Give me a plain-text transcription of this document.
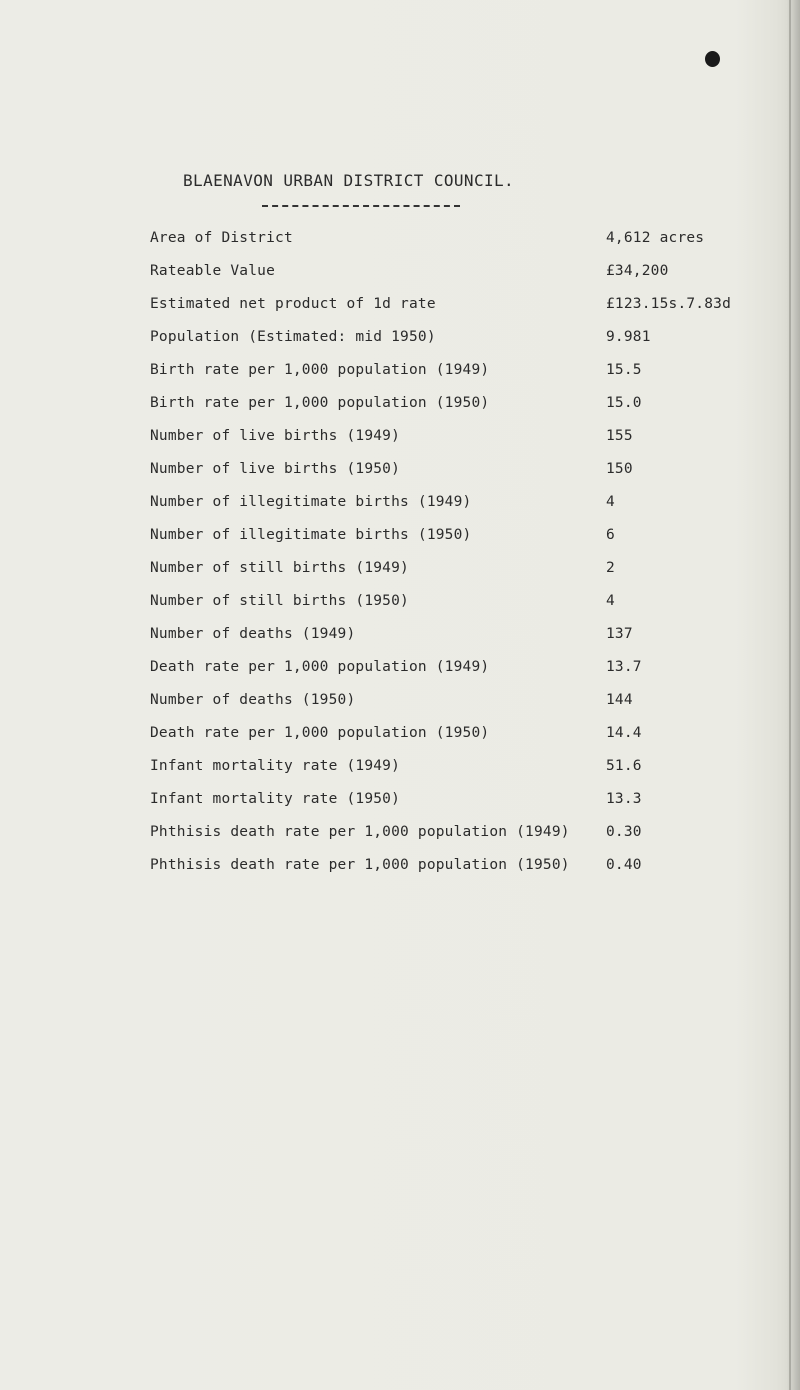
BLAENAVON URBAN DISTRICT COUNCIL.
Area of District	4,612 acres
Rateable Value	£34,200
Estimated net product of 1d rate	£123.15s.7.83d
Population (Estimated: mid 1950)	9.981
Birth rate per 1,000 population (1949)	15.5
Birth rate per 1,000 population (1950)	15.0
Number of live births (1949)	155
Number of live births (1950)	150
Number of illegitimate births (1949)	4
Number of illegitimate births (1950)	6
Number of still births (1949)	2
Number of still births (1950)	4
Number of deaths (1949)	137
Death rate per 1,000 population (1949)	13.7
Number of deaths (1950)	144
Death rate per 1,000 population (1950)	14.4
Infant mortality rate (1949)	51.6
Infant mortality rate (1950)	13.3
Phthisis death rate per 1,000 population (1949)	0.30
Phthisis death rate per 1,000 population (1950)	0.40
